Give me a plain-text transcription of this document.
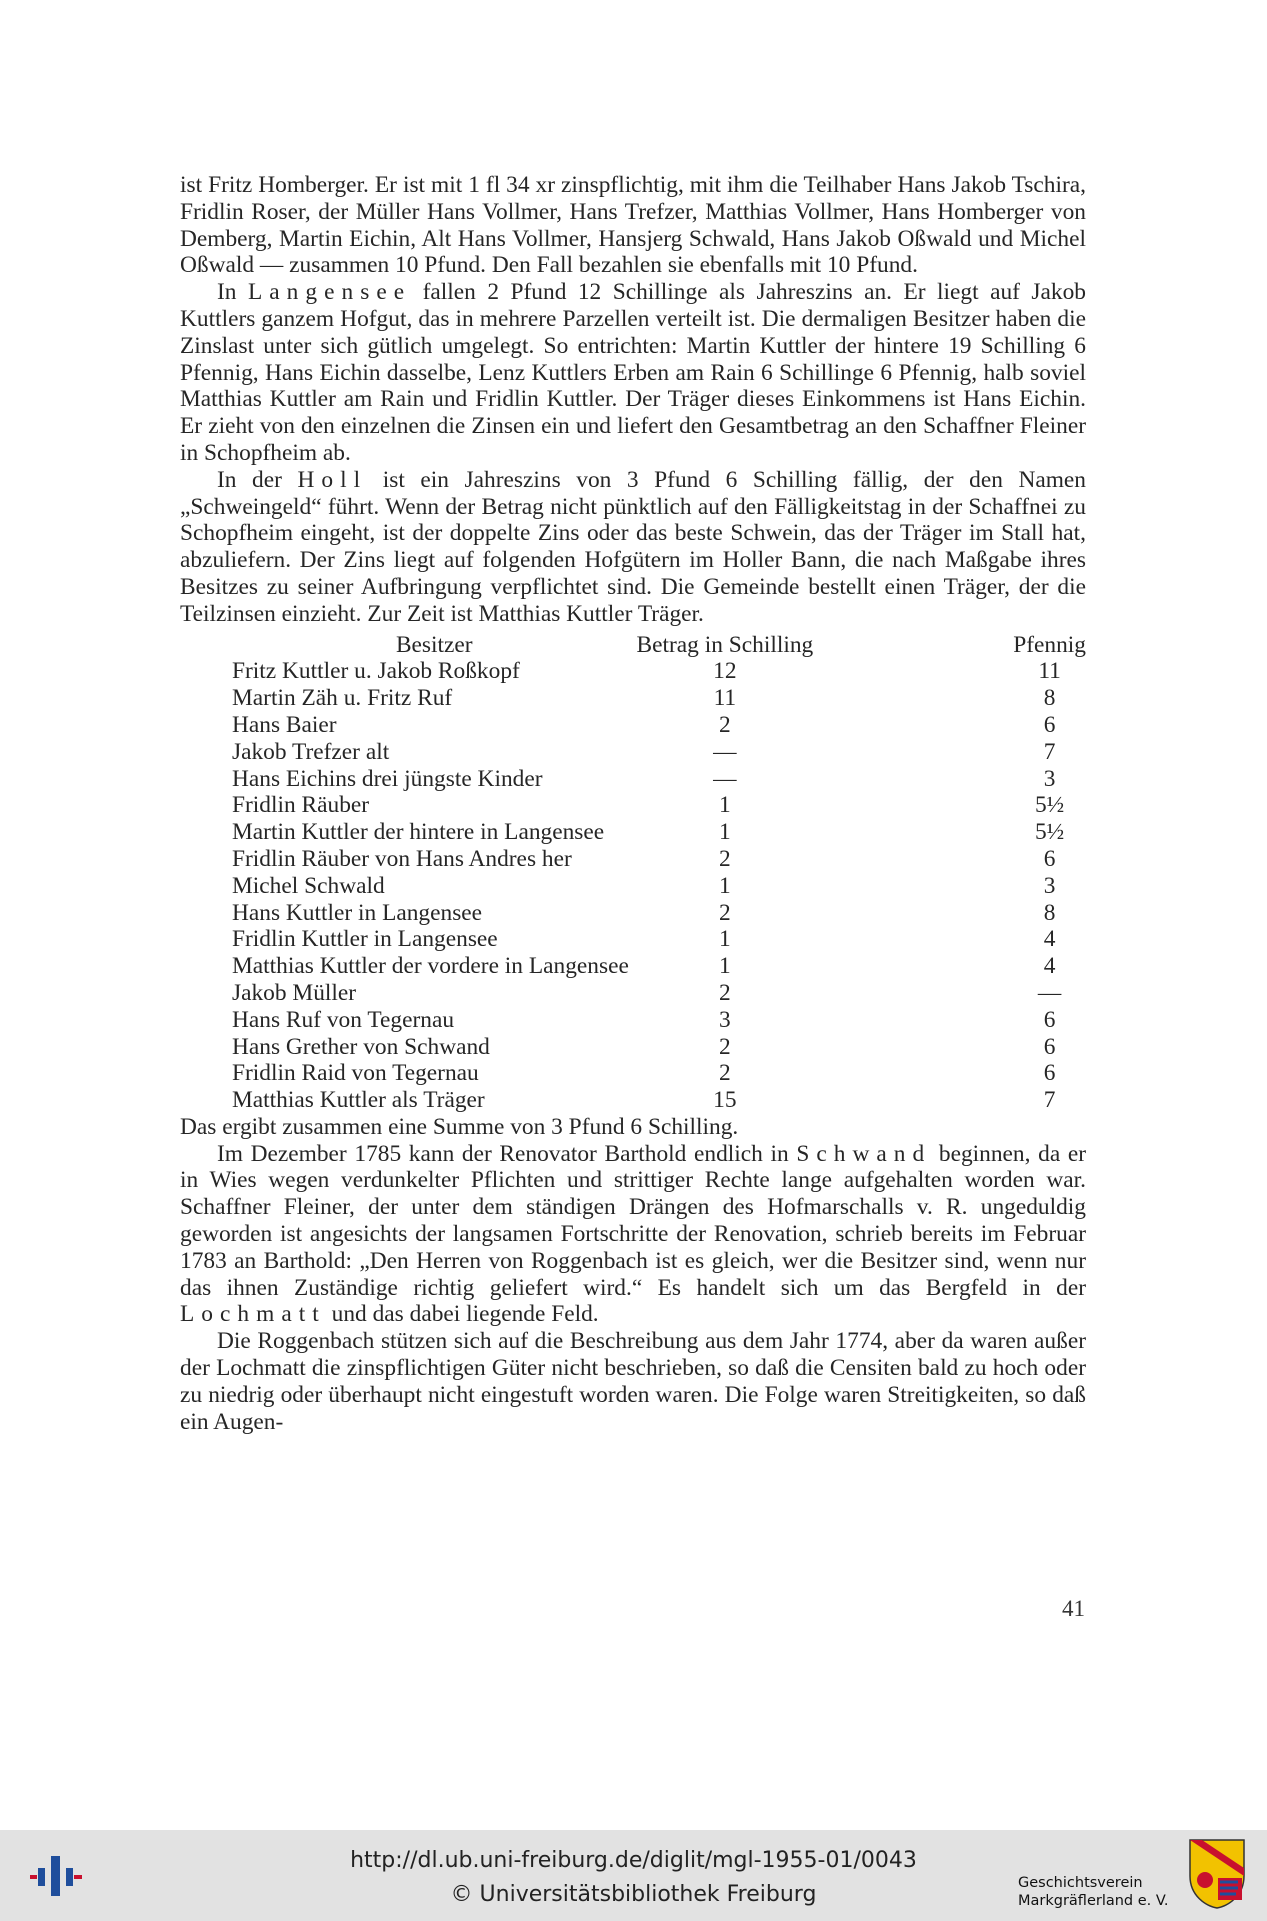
ist Fritz Homberger. Er ist mit 1 fl 34 xr zinspflichtig, mit ihm die Teilhaber Hans Jakob Tschira, Fridlin Roser, der Müller Hans Vollmer, Hans Trefzer, Matthias Vollmer, Hans Homberger von Demberg, Martin Eichin, Alt Hans Vollmer, Hansjerg Schwald, Hans Jakob Oßwald und Michel Oßwald — zusammen 10 Pfund. Den Fall bezahlen sie ebenfalls mit 10 Pfund.

In Langensee fallen 2 Pfund 12 Schillinge als Jahreszins an. Er liegt auf Jakob Kuttlers ganzem Hofgut, das in mehrere Parzellen verteilt ist. Die dermaligen Besitzer haben die Zinslast unter sich gütlich umgelegt. So entrichten: Martin Kuttler der hintere 19 Schilling 6 Pfennig, Hans Eichin dasselbe, Lenz Kuttlers Erben am Rain 6 Schillinge 6 Pfennig, halb soviel Matthias Kuttler am Rain und Fridlin Kuttler. Der Träger dieses Einkommens ist Hans Eichin. Er zieht von den einzelnen die Zinsen ein und liefert den Gesamtbetrag an den Schaffner Fleiner in Schopfheim ab.

In der Holl ist ein Jahreszins von 3 Pfund 6 Schilling fällig, der den Namen „Schweingeld“ führt. Wenn der Betrag nicht pünktlich auf den Fälligkeitstag in der Schaffnei zu Schopfheim eingeht, ist der doppelte Zins oder das beste Schwein, das der Träger im Stall hat, abzuliefern. Der Zins liegt auf folgenden Hofgütern im Holler Bann, die nach Maßgabe ihres Besitzes zu seiner Aufbringung verpflichtet sind. Die Gemeinde bestellt einen Träger, der die Teilzinsen einzieht. Zur Zeit ist Matthias Kuttler Träger.

Besitzer	Betrag in Schilling	Pfennig
Fritz Kuttler u. Jakob Roßkopf	12	11
Martin Zäh u. Fritz Ruf	11	8
Hans Baier	2	6
Jakob Trefzer alt	—	7
Hans Eichins drei jüngste Kinder	—	3
Fridlin Räuber	1	5½
Martin Kuttler der hintere in Langensee	1	5½
Fridlin Räuber von Hans Andres her	2	6
Michel Schwald	1	3
Hans Kuttler in Langensee	2	8
Fridlin Kuttler in Langensee	1	4
Matthias Kuttler der vordere in Langensee	1	4
Jakob Müller	2	—
Hans Ruf von Tegernau	3	6
Hans Grether von Schwand	2	6
Fridlin Raid von Tegernau	2	6
Matthias Kuttler als Träger	15	7

Das ergibt zusammen eine Summe von 3 Pfund 6 Schilling.

Im Dezember 1785 kann der Renovator Barthold endlich in Schwand beginnen, da er in Wies wegen verdunkelter Pflichten und strittiger Rechte lange aufgehalten worden war. Schaffner Fleiner, der unter dem ständigen Drängen des Hofmarschalls v. R. ungeduldig geworden ist angesichts der langsamen Fortschritte der Renovation, schrieb bereits im Februar 1783 an Barthold: „Den Herren von Roggenbach ist es gleich, wer die Besitzer sind, wenn nur das ihnen Zuständige richtig geliefert wird.“ Es handelt sich um das Bergfeld in der Lochmatt und das dabei liegende Feld.

Die Roggenbach stützen sich auf die Beschreibung aus dem Jahr 1774, aber da waren außer der Lochmatt die zinspflichtigen Güter nicht beschrieben, so daß die Censiten bald zu hoch oder zu niedrig oder überhaupt nicht eingestuft worden waren. Die Folge waren Streitigkeiten, so daß ein Augen-

41
http://dl.ub.uni-freiburg.de/diglit/mgl-1955-01/0043
© Universitätsbibliothek Freiburg	Geschichtsverein
Markgräflerland e. V.
